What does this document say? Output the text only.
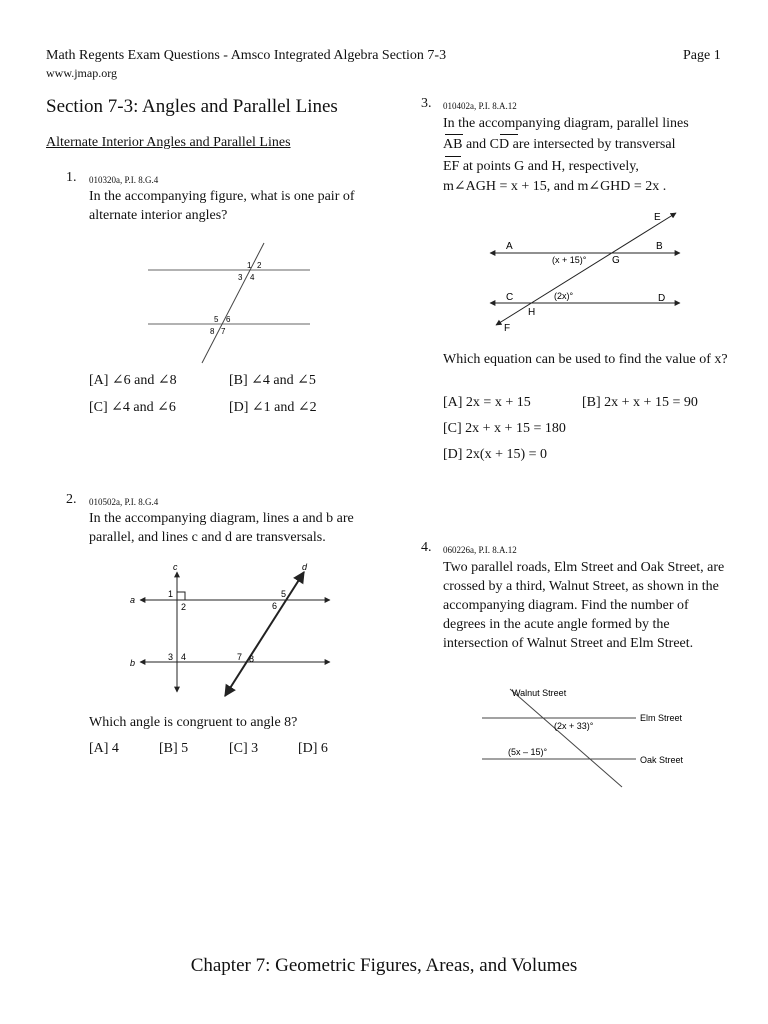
Math Regents Exam Questions - Amsco Integrated Algebra Section 7-3
www.jmap.org
Page 1
Section 7-3: Angles and Parallel Lines
Alternate Interior Angles and Parallel Lines
1. 010320a, P.I. 8.G.4
In the accompanying figure, what is one pair of alternate interior angles?
1 2
3 4
5 6
8 7
[A] ∠6 and ∠8	[B] ∠4 and ∠5
[C] ∠4 and ∠6	[D] ∠1 and ∠2
2. 010502a, P.I. 8.G.4
In the accompanying diagram, lines a and b are parallel, and lines c and d are transversals.
c	d
a
b
1
2
3 4
5
6
7 8
Which angle is congruent to angle 8?
[A] 4	[B] 5	[C] 3	[D] 6
3. 010402a, P.I. 8.A.12
In the accompanying diagram, parallel lines
AB and CD are intersected by transversal
EF at points G and H, respectively,
m∠AGH = x + 15, and m∠GHD = 2x .
E
A	B
G
(x + 15)°
C	D
(2x)°
H
F
Which equation can be used to find the value of x?
[A] 2x = x + 15	[B] 2x + x + 15 = 90
[C] 2x + x + 15 = 180
[D] 2x(x + 15) = 0
4. 060226a, P.I. 8.A.12
Two parallel roads, Elm Street and Oak Street, are crossed by a third, Walnut Street, as shown in the accompanying diagram. Find the number of degrees in the acute angle formed by the intersection of Walnut Street and Elm Street.
Walnut Street
Elm Street
Oak Street
(2x + 33)°
(5x – 15)°
Chapter 7: Geometric Figures, Areas, and Volumes
